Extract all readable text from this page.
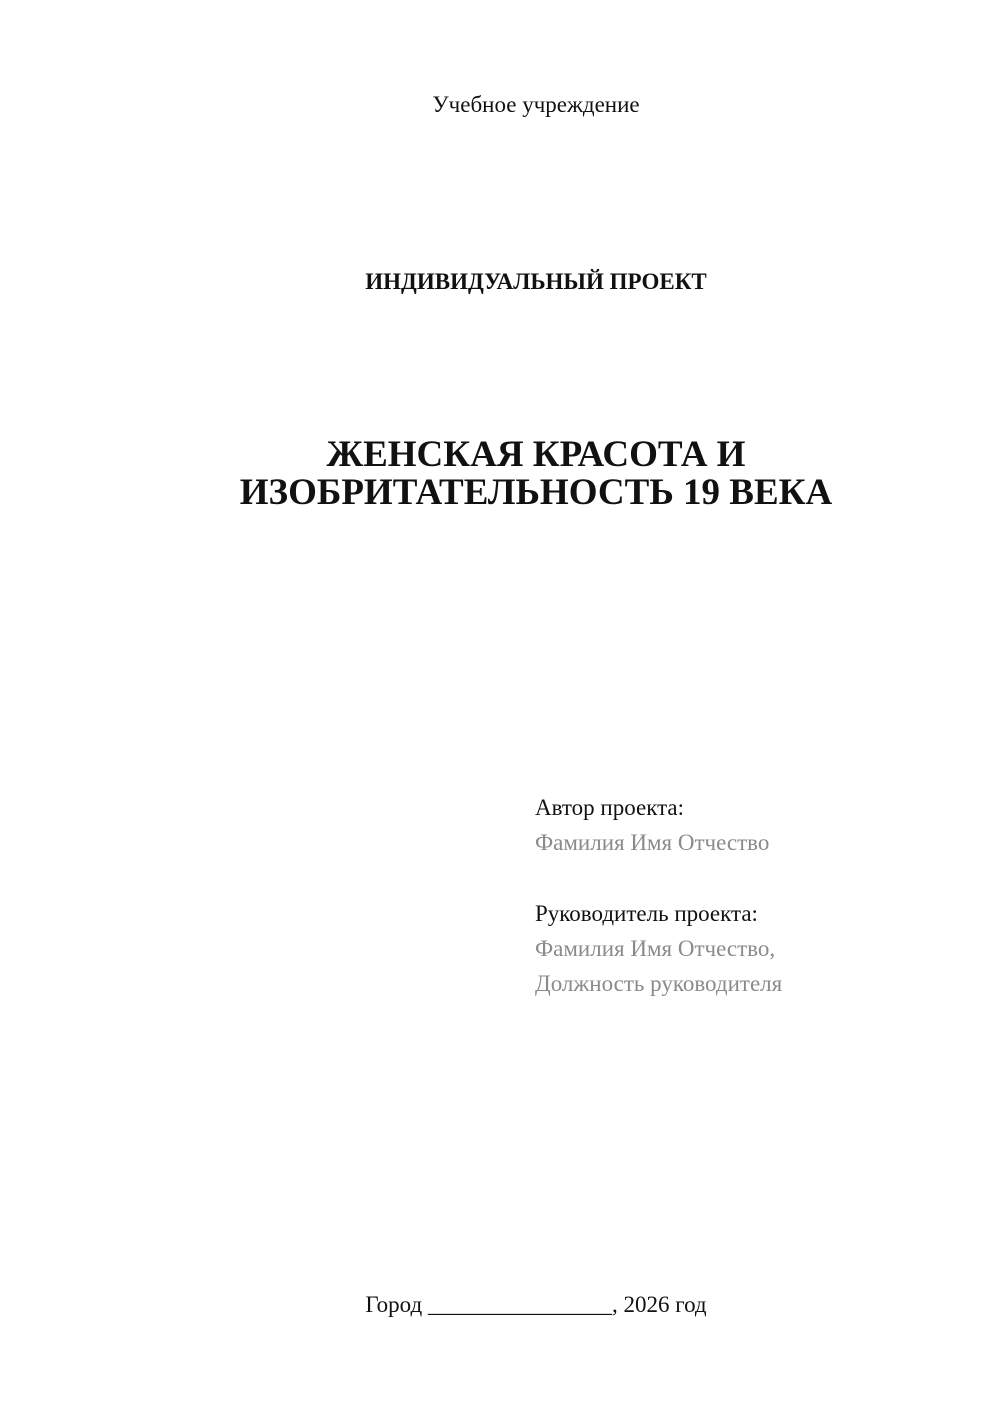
Учебное учреждение
ИНДИВИДУАЛЬНЫЙ ПРОЕКТ
ЖЕНСКАЯ КРАСОТА И
ИЗОБРИТАТЕЛЬНОСТЬ 19 ВЕКА
Автор проекта:
Фамилия Имя Отчество
Руководитель проекта:
Фамилия Имя Отчество,
Должность руководителя
Город ________________, 2026 год
